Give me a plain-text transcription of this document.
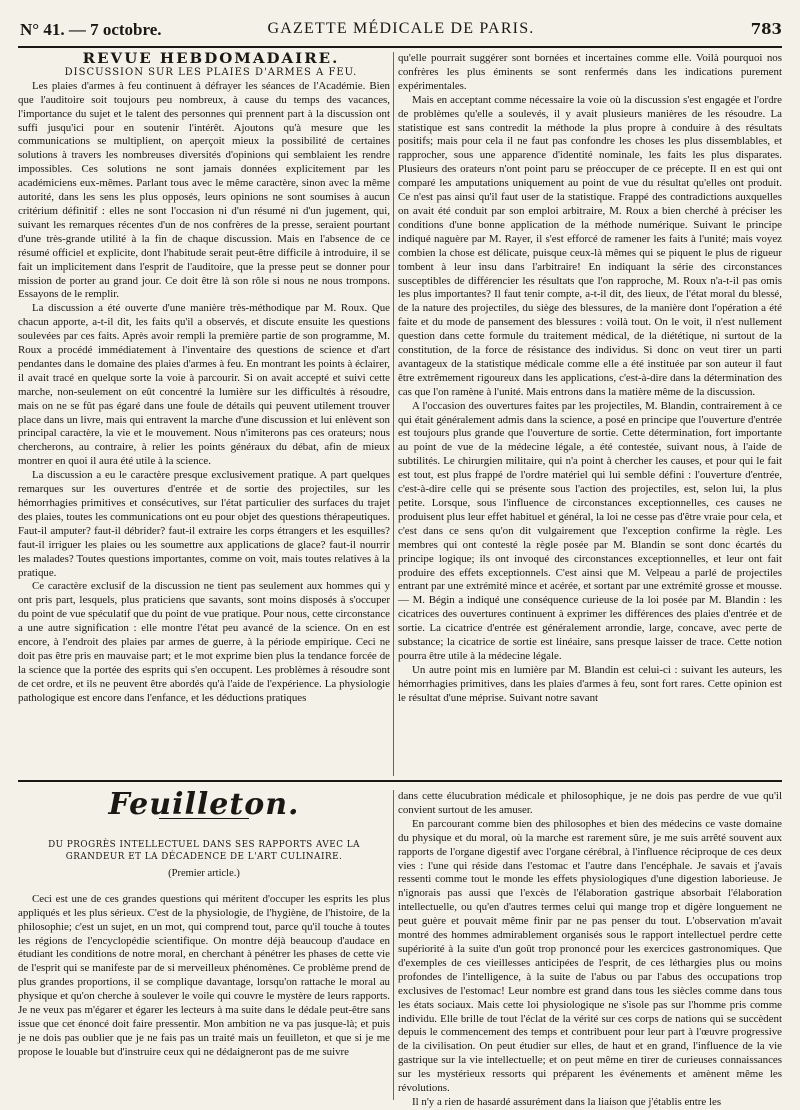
N° 41. — 7 octobre.	GAZETTE MÉDICALE DE PARIS.	783

REVUE HEBDOMADAIRE.

DISCUSSION SUR LES PLAIES D'ARMES A FEU.

Les plaies d'armes à feu continuent à défrayer les séances de l'Académie. Bien que l'auditoire soit toujours peu nombreux, à cause du temps des vacances, l'importance du sujet et le talent des personnes qui prennent part à la discussion ont suffi jusqu'ici pour en soutenir l'intérêt. Ajoutons qu'à mesure que les communications se multiplient, on aperçoit mieux la possibilité de certaines solutions à travers les nombreuses diversités d'opinions qui semblaient les rendre impossibles. Ces solutions ne sont jamais données explicitement par les académiciens eux-mêmes. Parlant tous avec le même caractère, sinon avec la même autorité, dans les sens les plus opposés, leurs opinions ne sont soumises à aucun critérium définitif : elles ne sont l'occasion ni d'un résumé ni d'un jugement, qui, suivant les remarques récentes d'un de nos confrères de la presse, seraient pourtant d'une très-grande utilité à la fin de chaque discussion. Mais en l'absence de ce résumé officiel et explicite, dont l'habitude serait peut-être difficile à introduire, il se fait un implicitement dans l'esprit de l'auditoire, que la presse peut se donner pour mission de porter au grand jour. Ce doit être là son rôle si nous ne nous trompons. Essayons de le remplir.

La discussion a été ouverte d'une manière très-méthodique par M. Roux. Que chacun apporte, a-t-il dit, les faits qu'il a observés, et discute ensuite les questions soulevées par ces faits. Après avoir rempli la première partie de son programme, M. Roux a procédé immédiatement à l'inventaire des questions de science et d'art pendantes dans le domaine des plaies d'armes à feu. En montrant les points à éclairer, il avait tracé en quelque sorte la voie à parcourir. Si on avait accepté et suivi cette marche, non-seulement on eût concentré la lumière sur les difficultés à résoudre, mais on ne se fût pas égaré dans une foule de détails qui peuvent utilement trouver place dans un livre, mais qui entravent la marche d'une discussion et lui enlèvent son principal caractère, la vie et le mouvement. Nous n'imiterons pas ces orateurs; nous chercherons, au contraire, à relier les points généraux du débat, afin de mieux montrer en quoi il aura été utile à la science.

La discussion a eu le caractère presque exclusivement pratique. A part quelques remarques sur les ouvertures d'entrée et de sortie des projectiles, sur les hémorrhagies primitives et consécutives, sur l'état particulier des surfaces du trajet des plaies, toutes les communications ont eu pour objet des questions thérapeutiques. Faut-il amputer? faut-il débrider? faut-il extraire les corps étrangers et les esquilles? faut-il irriguer les plaies ou les soumettre aux applications de glace? faut-il nourrir les malades? Toutes questions importantes, comme on voit, mais toutes relatives à la pratique.

Ce caractère exclusif de la discussion ne tient pas seulement aux hommes qui y ont pris part, lesquels, plus praticiens que savants, sont moins disposés à s'occuper du point de vue spéculatif que du point de vue pratique. Pour nous, cette circonstance a une autre signification : elle montre l'état peu avancé de la science. On en est encore, à l'endroit des plaies par armes de guerre, à la période empirique. Ceci ne doit pas être pris en mauvaise part; et le mot exprime bien plus la tendance forcée de la science que la portée des esprits qui s'en occupent. Les problèmes à résoudre sont de cet ordre, et ils ne peuvent être abordés qu'à l'aide de l'expérience. La physiologie pathologique est encore dans l'enfance, et les déductions pratiques

qu'elle pourrait suggérer sont bornées et incertaines comme elle. Voilà pourquoi nos confrères les plus éminents se sont renfermés dans les indications purement expérimentales.

Mais en acceptant comme nécessaire la voie où la discussion s'est engagée et l'ordre de problèmes qu'elle a soulevés, il y avait plusieurs manières de les résoudre. La statistique est sans contredit la méthode la plus propre à conduire à des résultats positifs; mais pour cela il ne faut pas confondre les choses les plus dissemblables, et rapprocher, sous une apparence d'identité nominale, les faits les plus disparates. Plusieurs des orateurs n'ont point paru se préoccuper de ce précepte. Il en est qui ont comparé les amputations uniquement au point de vue du résultat qu'elles ont produit. Ce n'est pas ainsi qu'il faut user de la statistique. Frappé des contradictions auxquelles on avait été conduit par son emploi arbitraire, M. Roux a bien cherché à préciser les conditions d'une bonne application de la méthode numérique. Suivant le principe indiqué naguère par M. Rayer, il s'est efforcé de ramener les faits à l'unité; mais voyez combien la chose est délicate, puisque ceux-là mêmes qui se piquent le plus de rigueur tombent à leur insu dans l'arbitraire! En indiquant la série des circonstances susceptibles de différencier les résultats que l'on rapproche, M. Roux n'a-t-il pas omis les plus importantes? Il faut tenir compte, a-t-il dit, des lieux, de l'état moral du blessé, de la nature des projectiles, du siège des blessures, de la manière dont l'opération a été faite et du mode de pansement des blessures : voilà tout. On le voit, il n'est nullement question dans cette formule du traitement médical, de la diététique, ni surtout de la constitution, de la force de résistance des individus. Si donc on veut tirer un parti avantageux de la statistique médicale comme elle a été instituée par son auteur il faut être extrêmement rigoureux dans les applications, c'est-à-dire dans la détermination des cas que l'on ramène à l'unité. Mais entrons dans la matière même de la discussion.

A l'occasion des ouvertures faites par les projectiles, M. Blandin, contrairement à ce qui était généralement admis dans la science, a posé en principe que l'ouverture d'entrée est toujours plus grande que l'ouverture de sortie. Cette détermination, fort importante au point de vue de la médecine légale, a été contestée, suivant nous, à l'aide de subtilités. Le chirurgien militaire, qui n'a point à chercher les causes, et pour qui le fait est tout, est plus frappé de l'ordre matériel qui lui semble défini : l'ouverture d'entrée, c'est-à-dire celle qui se présente sous l'action des projectiles, est, selon lui, la plus petite. Lorsque, sous l'influence de circonstances exceptionnelles, ces causes ne produisent plus leur effet habituel et général, la loi ne cesse pas d'être vraie pour cela, et c'est dans ce sens qu'on dit vulgairement que l'exception confirme la règle. Les membres qui ont contesté la règle posée par M. Blandin se sont donc écartés du principe logique; ils ont invoqué des circonstances exceptionnelles, et leur ont fait produire des effets exceptionnels. C'est ainsi que M. Velpeau a parlé de projectiles entrant par une extrémité mince et acérée, et sortant par une extrémité grosse et mousse. — M. Bégin a indiqué une conséquence curieuse de la loi posée par M. Blandin : les cicatrices des ouvertures continuent à exprimer les différences des plaies d'entrée et de sortie. La cicatrice d'entrée est généralement arrondie, large, concave, avec perte de substance; la cicatrice de sortie est linéaire, sans presque laisser de trace. Cette notion pourra être utile à la médecine légale.

Un autre point mis en lumière par M. Blandin est celui-ci : suivant les auteurs, les hémorrhagies primitives, dans les plaies d'armes à feu, sont fort rares. Cette opinion est le résultat d'une méprise. Suivant notre savant

Feuilleton.
DU PROGRÈS INTELLECTUEL DANS SES RAPPORTS AVEC LA GRANDEUR ET LA DÉCADENCE DE L'ART CULINAIRE.
(Premier article.)

Ceci est une de ces grandes questions qui méritent d'occuper les esprits les plus appliqués et les plus sérieux. C'est de la physiologie, de l'hygiène, de l'histoire, de la philosophie; c'est un sujet, en un mot, qui comprend tout, parce qu'il touche à toutes les régions de l'encyclopédie scientifique. On montre déjà beaucoup d'audace en étudiant les conditions de notre moral, en cherchant à pénétrer les phases de cette vie de l'esprit qui se manifeste par de si merveilleux phénomènes. Ce problème prend de plus grandes proportions, il se complique davantage, lorsqu'on rattache le moral au physique et qu'on cherche à soulever le voile qui couvre le mystère de leurs rapports. Je ne veux pas m'égarer et égarer les lecteurs à ma suite dans le dédale peut-être sans issue que cet énoncé doit faire pressentir. Mon ambition ne va pas jusque-là; et puis je ne dois pas oublier que je ne fais pas un traité mais un feuilleton, et que si je me propose le louable but d'instruire ceux qui ne dédaigneront pas de me suivre

dans cette élucubration médicale et philosophique, je ne dois pas perdre de vue qu'il convient surtout de les amuser.

En parcourant comme bien des philosophes et bien des médecins ce vaste domaine du physique et du moral, où la marche est rarement sûre, je me suis arrêté souvent aux rapports de l'organe digestif avec l'organe cérébral, à l'influence réciproque de ces deux vies : l'une qui réside dans l'estomac et l'autre dans l'encéphale. Je savais et j'avais ressenti comme tout le monde les effets physiologiques d'une digestion laborieuse. Je n'ignorais pas aussi que l'excès de l'élaboration gastrique absorbait l'élaboration intellectuelle, ou qu'en d'autres termes celui qui mange trop et digère longuement ne peut guère et pouvait même finir par ne pas penser du tout. L'observation m'avait montré des hommes admirablement organisés sous le rapport intellectuel perdre cette supériorité à la suite d'un goût trop prononcé pour les exercices gastronomiques. Que d'exemples de ces vieillesses anticipées de l'esprit, de ces léthargies plus ou moins profondes de l'intelligence, à la suite de l'abus ou par l'abus des occupations trop exclusives de l'estomac! Leur nombre est grand dans tous les siècles comme dans tous les états sociaux. Mais cette loi physiologique ne s'isole pas sur l'homme pris comme individu. Elle brille de tout l'éclat de la vérité sur ces corps de nations qui se succèdent depuis le commencement des temps et contribuent pour leur part à l'œuvre progressive de la civilisation. On peut étudier sur elles, de haut et en grand, l'influence de la vie gastrique sur la vie intellectuelle; et on peut même en tirer de curieuses connaissances sur les mystérieux ressorts qui préparent les événements et amènent même les révolutions.

Il n'y a rien de hasardé assurément dans la liaison que j'établis entre les
